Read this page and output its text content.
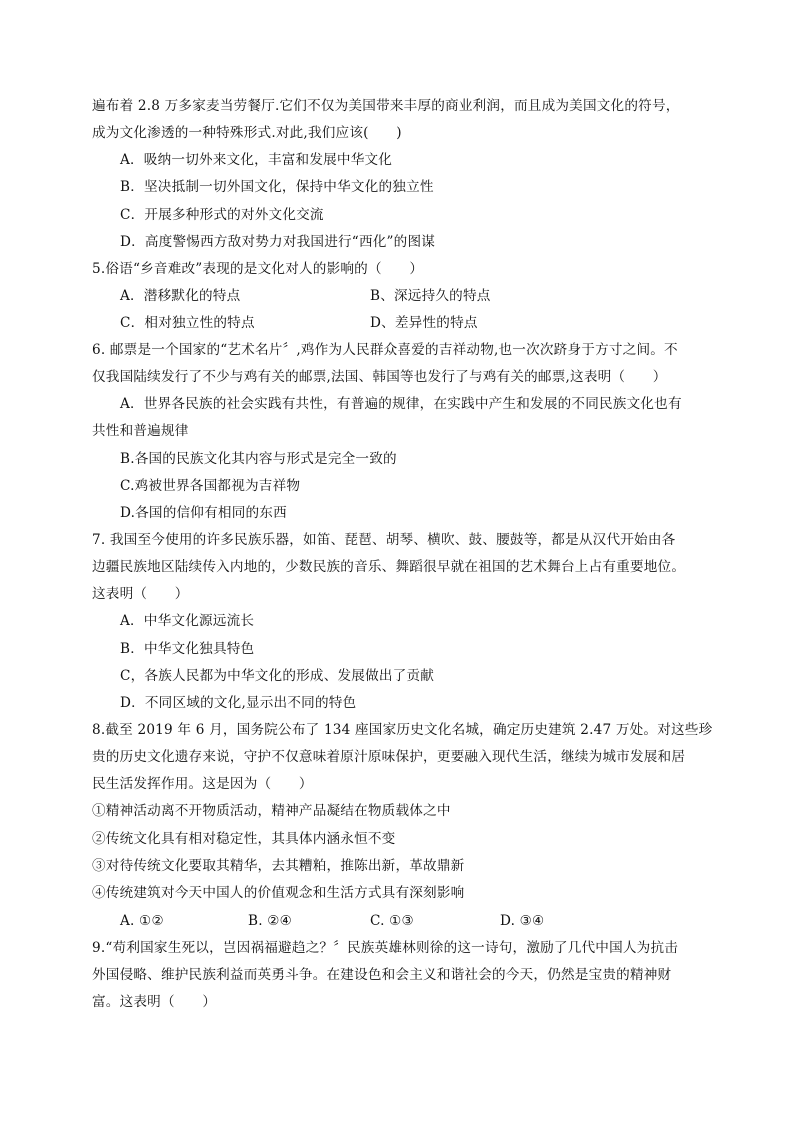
遍布着 2.8 万多家麦当劳餐厅.它们不仅为美国带来丰厚的商业利润，而且成为美国文化的符号，
成为文化渗透的一种特殊形式.对此,我们应该(　　)
A．吸纳一切外来文化，丰富和发展中华文化
B．坚决抵制一切外国文化，保持中华文化的独立性
C．开展多种形式的对外文化交流
D．高度警惕西方敌对势力对我国进行“西化”的图谋
5.俗语“乡音难改”表现的是文化对人的影响的（　　）
A．潜移默化的特点	B、深远持久的特点
C．相对独立性的特点	D、差异性的特点
6. 邮票是一个国家的“艺术名片〞,鸡作为人民群众喜爱的吉祥动物,也一次次跻身于方寸之间。不
仅我国陆续发行了不少与鸡有关的邮票,法国、韩国等也发行了与鸡有关的邮票,这表明（　　）
A．世界各民族的社会实践有共性，有普遍的规律，在实践中产生和发展的不同民族文化也有
共性和普遍规律
B.各国的民族文化其内容与形式是完全一致的
C.鸡被世界各国都视为吉祥物
D.各国的信仰有相同的东西
7. 我国至今使用的许多民族乐器，如笛、琵琶、胡琴、横吹、鼓、腰鼓等，都是从汉代开始由各
边疆民族地区陆续传入内地的，少数民族的音乐、舞蹈很早就在祖国的艺术舞台上占有重要地位。
这表明（　　）
A．中华文化源远流长
B．中华文化独具特色
C，各族人民都为中华文化的形成、发展做出了贡献
D．不同区域的文化,显示出不同的特色
8.截至 2019 年 6 月，国务院公布了 134 座国家历史文化名城，确定历史建筑 2.47 万处。对这些珍
贵的历史文化遗存来说，守护不仅意味着原汁原味保护，更要融入现代生活，继续为城市发展和居
民生活发挥作用。这是因为（　　）
①精神活动离不开物质活动，精神产品凝结在物质载体之中
②传统文化具有相对稳定性，其具体内涵永恒不变
③对待传统文化要取其精华，去其糟粕，推陈出新，革故鼎新
④传统建筑对今天中国人的价值观念和生活方式具有深刻影响
A. ①②	B. ②④	C. ①③	D. ③④
9.“苟利国家生死以，岂因祸福避趋之？〞民族英雄林则徐的这一诗句，激励了几代中国人为抗击
外国侵略、维护民族利益而英勇斗争。在建设色和会主义和谐社会的今天，仍然是宝贵的精神财
富。这表明（　　）
